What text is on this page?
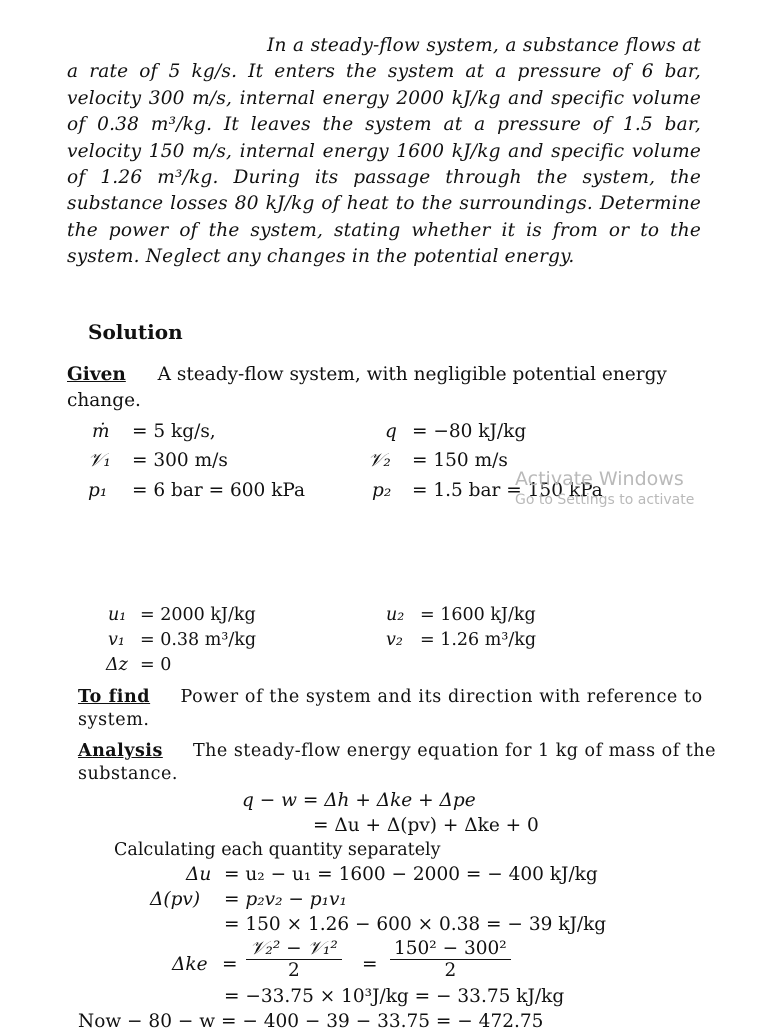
In a steady-flow system, a substance flows at a rate of 5 kg/s. It enters the system at a pressure of 6 bar, velocity 300 m/s, internal energy 2000 kJ/kg and specific volume of 0.38 m³/kg. It leaves the system at a pressure of 1.5 bar, velocity 150 m/s, internal energy 1600 kJ/kg and specific volume of 1.26 m³/kg. During its passage through the system, the substance losses 80 kJ/kg of heat to the surroundings. Determine the power of the system, stating whether it is from or to the system. Neglect any changes in the potential energy.

Solution
Given A steady-flow system, with negligible potential energy change.
ṁ = 5 kg/s,	q = −80 kJ/kg
𝒱₁ = 300 m/s	𝒱₂ = 150 m/s
p₁ = 6 bar = 600 kPa	p₂ = 1.5 bar = 150 kPa
Activate Windows
Go to Settings to activate
u₁ = 2000 kJ/kg	u₂ = 1600 kJ/kg
v₁ = 0.38 m³/kg	v₂ = 1.26 m³/kg
Δz = 0
To find Power of the system and its direction with reference to system.
Analysis The steady-flow energy equation for 1 kg of mass of the substance.
q − w = Δh + Δke + Δpe
= Δu + Δ(pv) + Δke + 0
Calculating each quantity separately
Δu = u₂ − u₁ = 1600 − 2000 = − 400 kJ/kg
Δ(pv) = p₂v₂ − p₁v₁
= 150 × 1.26 − 600 × 0.38 = − 39 kJ/kg
$\Delta ke = \frac{\text{𝒱₂² − 𝒱₁²}}{2} = \frac{\text{150² − 300²}}{2}$
= −33.75 × 10³J/kg = − 33.75 kJ/kg
Now − 80 − w = − 400 − 39 − 33.75 = − 472.75
